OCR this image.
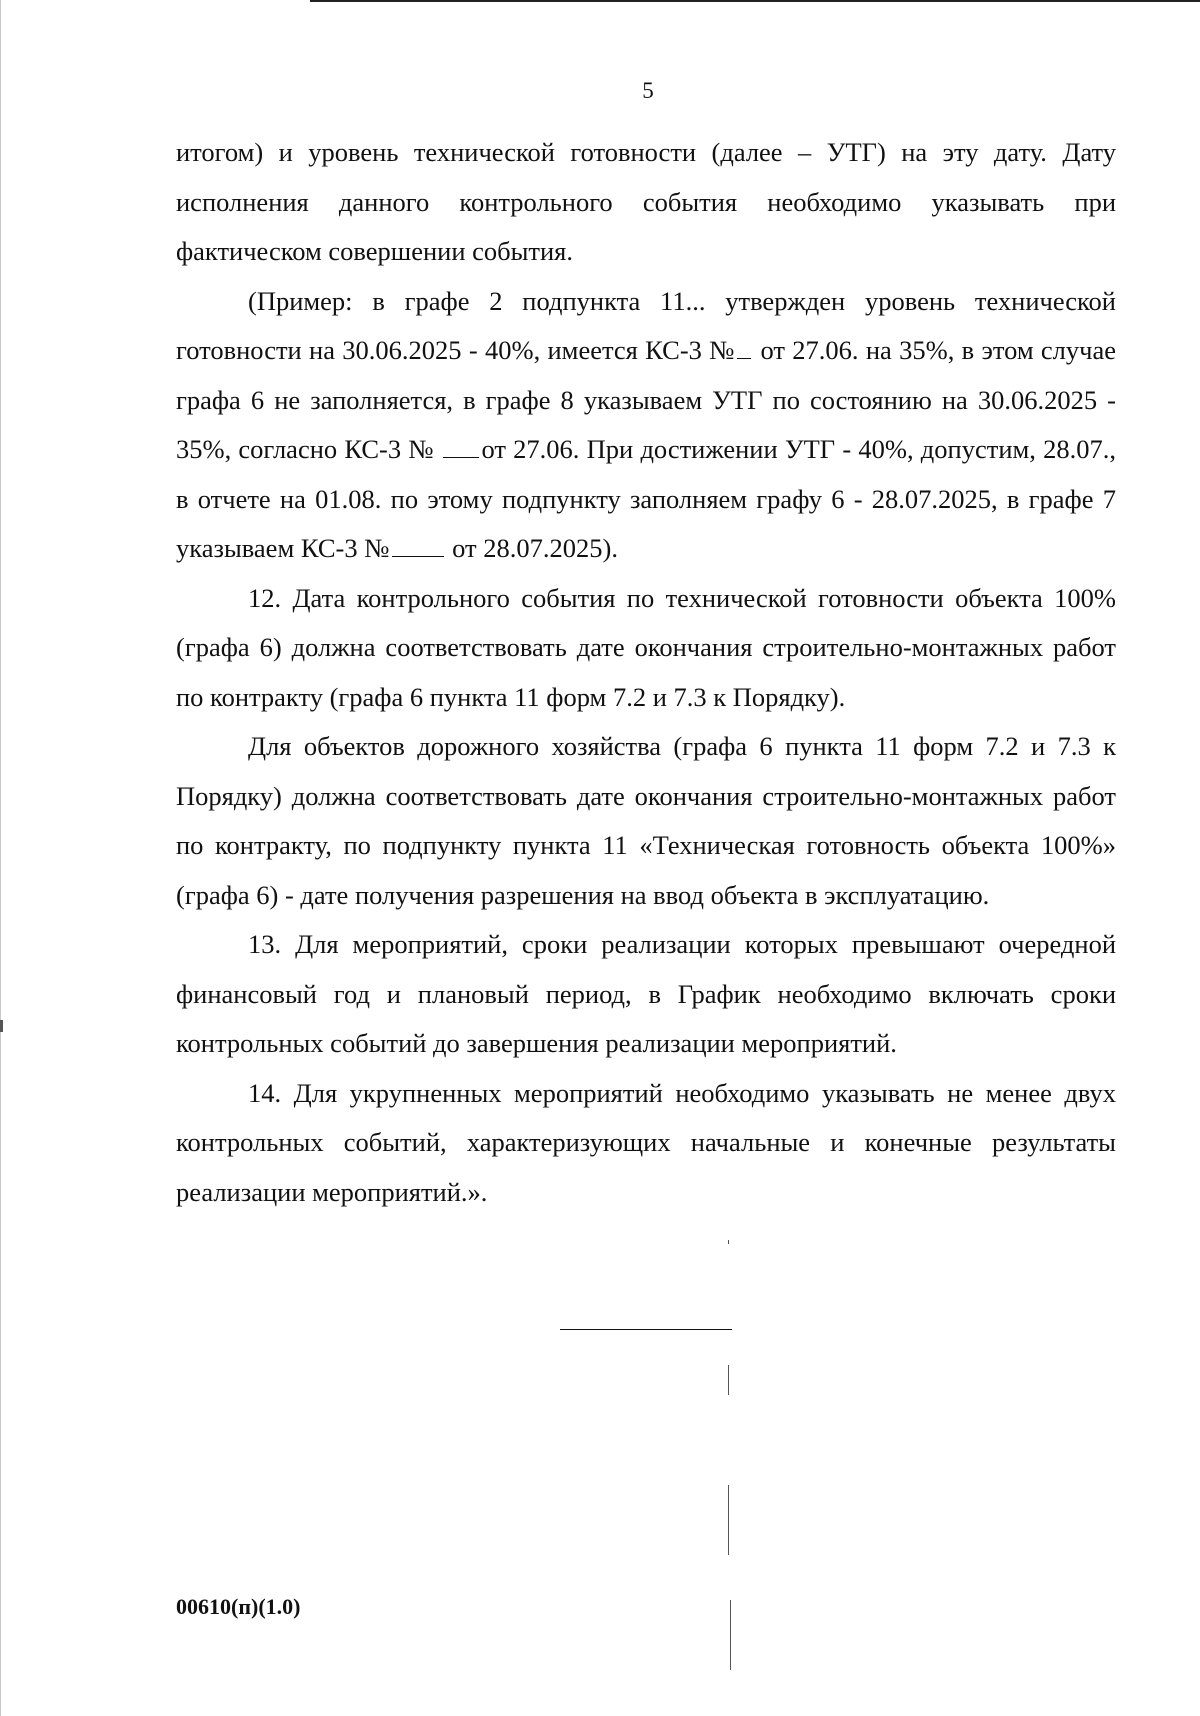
5

итогом) и уровень технической готовности (далее – УТГ) на эту дату. Дату исполнения данного контрольного события необходимо указывать при фактическом совершении события.

(Пример: в графе 2 подпункта 11... утвержден уровень технической готовности на 30.06.2025 - 40%, имеется КС-3 № от 27.06. на 35%, в этом случае графа 6 не заполняется, в графе 8 указываем УТГ по состоянию на 30.06.2025 - 35%, согласно КС-3 № от 27.06. При достижении УТГ - 40%, допустим, 28.07., в отчете на 01.08. по этому подпункту заполняем графу 6 - 28.07.2025, в графе 7 указываем КС-3 № от 28.07.2025).

12. Дата контрольного события по технической готовности объекта 100% (графа 6) должна соответствовать дате окончания строительно-монтажных работ по контракту (графа 6 пункта 11 форм 7.2 и 7.3 к Порядку).

Для объектов дорожного хозяйства (графа 6 пункта 11 форм 7.2 и 7.3 к Порядку) должна соответствовать дате окончания строительно-монтажных работ по контракту, по подпункту пункта 11 «Техническая готовность объекта 100%» (графа 6) - дате получения разрешения на ввод объекта в эксплуатацию.

13. Для мероприятий, сроки реализации которых превышают очередной финансовый год и плановый период, в График необходимо включать сроки контрольных событий до завершения реализации мероприятий.

14. Для укрупненных мероприятий необходимо указывать не менее двух контрольных событий, характеризующих начальные и конечные результаты реализации мероприятий.».

00610(п)(1.0)
